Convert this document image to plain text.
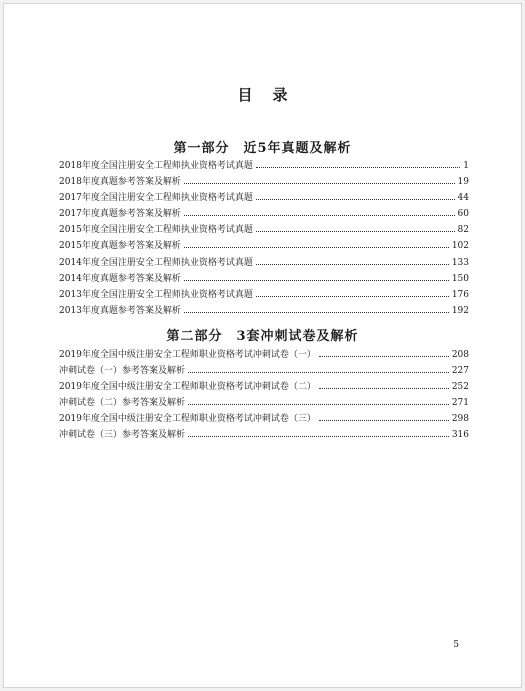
目录
第一部分　近5年真题及解析
2018年度全国注册安全工程师执业资格考试真题	1
2018年度真题参考答案及解析	19
2017年度全国注册安全工程师执业资格考试真题	44
2017年度真题参考答案及解析	60
2015年度全国注册安全工程师执业资格考试真题	82
2015年度真题参考答案及解析	102
2014年度全国注册安全工程师执业资格考试真题	133
2014年度真题参考答案及解析	150
2013年度全国注册安全工程师执业资格考试真题	176
2013年度真题参考答案及解析	192
第二部分　3套冲刺试卷及解析
2019年度全国中级注册安全工程师职业资格考试冲刺试卷（一）	208
冲刺试卷（一）参考答案及解析	227
2019年度全国中级注册安全工程师职业资格考试冲刺试卷（二）	252
冲刺试卷（二）参考答案及解析	271
2019年度全国中级注册安全工程师职业资格考试冲刺试卷（三）	298
冲刺试卷（三）参考答案及解析	316
5
